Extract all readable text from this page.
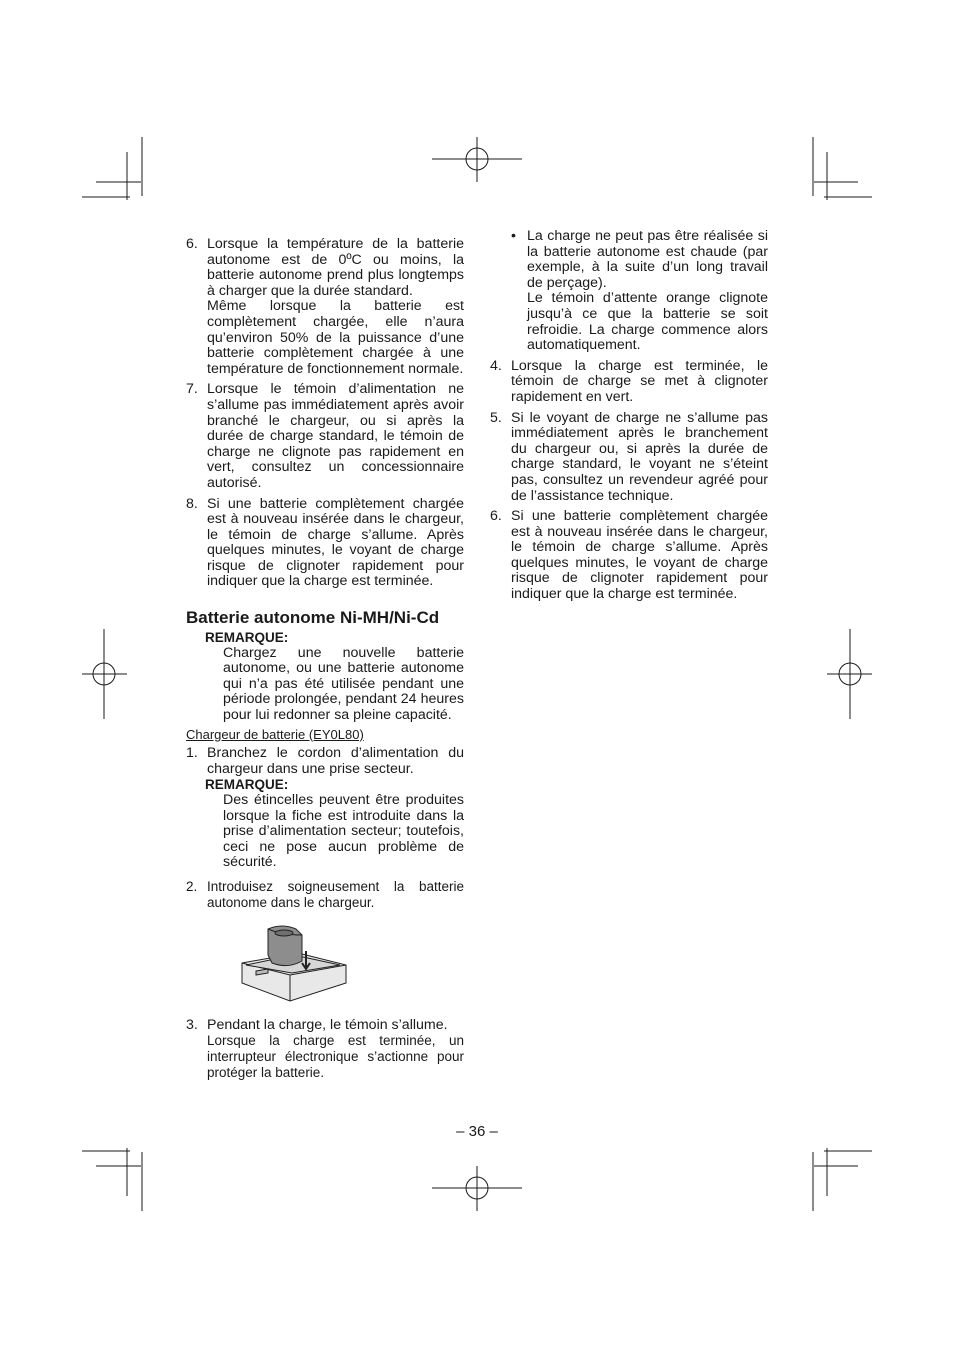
6. Lorsque la température de la batterie autonome est de 0ºC ou moins, la batterie autonome prend plus longtemps à charger que la durée standard.

Même lorsque la batterie est complètement chargée, elle n’aura qu’environ 50% de la puissance d’une batterie complètement chargée à une température de fonctionnement normale.

7. Lorsque le témoin d’alimentation ne s’allume pas immédiatement après avoir branché le chargeur, ou si après la durée de charge standard, le témoin de charge ne clignote pas rapidement en vert, consultez un concessionnaire autorisé.

8. Si une batterie complètement chargée est à nouveau insérée dans le chargeur, le témoin de charge s’allume. Après quelques minutes, le voyant de charge risque de clignoter rapidement pour indiquer que la charge est terminée.

Batterie autonome Ni-MH/Ni-Cd
REMARQUE:
Chargez une nouvelle batterie autonome, ou une batterie autonome qui n’a pas été utilisée pendant une période prolongée, pendant 24 heures pour lui redonner sa pleine capacité.
Chargeur de batterie (EY0L80)
1. Branchez le cordon d’alimentation du chargeur dans une prise secteur.

REMARQUE:
Des étincelles peuvent être produites lorsque la fiche est introduite dans la prise d’alimentation secteur; toutefois, ceci ne pose aucun problème de sécurité.
2. Introduisez soigneusement la batterie autonome dans le chargeur.

3. Pendant la charge, le témoin s’allume.

Lorsque la charge est terminée, un interrupteur électronique s’actionne pour protéger la batterie.

• La charge ne peut pas être réalisée si la batterie autonome est chaude (par exemple, à la suite d’un long travail de perçage).

Le témoin d’attente orange clignote jusqu’à ce que la batterie se soit refroidie. La charge commence alors automatiquement.

4. Lorsque la charge est terminée, le témoin de charge se met à clignoter rapidement en vert.

5. Si le voyant de charge ne s’allume pas immédiatement après le branchement du chargeur ou, si après la durée de charge standard, le voyant ne s’éteint pas, consultez un revendeur agréé pour de l’assistance technique.

6. Si une batterie complètement chargée est à nouveau insérée dans le chargeur, le témoin de charge s’allume. Après quelques minutes, le voyant de charge risque de clignoter rapidement pour indiquer que la charge est terminée.

– 36 –
